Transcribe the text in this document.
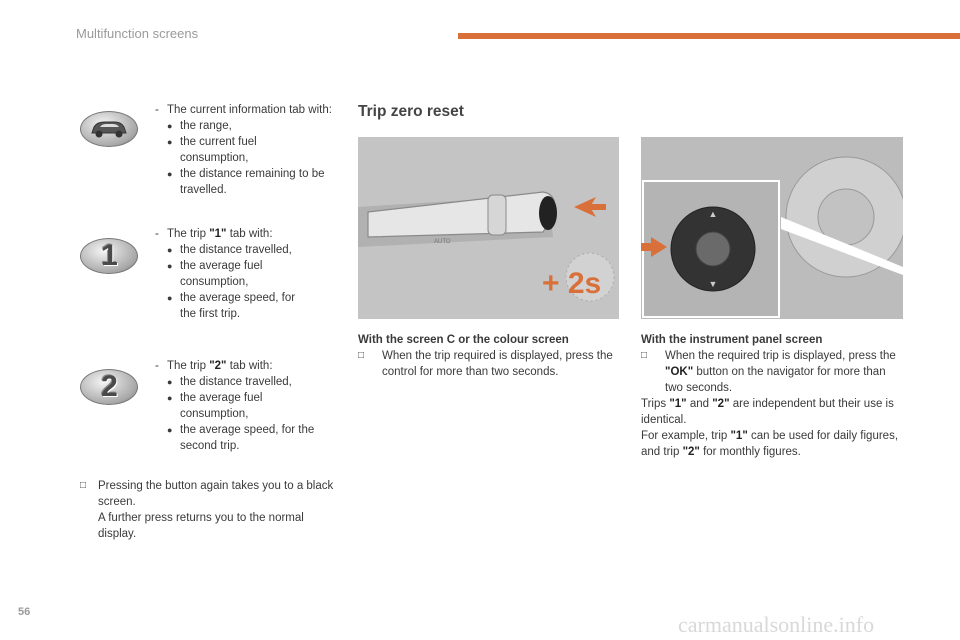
Multifunction screens
- The current information tab with:
● the range,
● the current fuel consumption,
● the distance remaining to be travelled.
1
- The trip "1" tab with:
● the distance travelled,
● the average fuel consumption,
● the average speed, for the first trip.
2
- The trip "2" tab with:
● the distance travelled,
● the average fuel consumption,
● the average speed, for the second trip.
□ Pressing the button again takes you to a black screen.
A further press returns you to the normal display.
Trip zero reset
AUTO
+ 2s
▲
▼
With the screen C or the colour screen
□ When the trip required is displayed, press the control for more than two seconds.
With the instrument panel screen
□ When the required trip is displayed, press the "OK" button on the navigator for more than two seconds.
Trips "1" and "2" are independent but their use is identical.
For example, trip "1" can be used for daily figures, and trip "2" for monthly figures.
56	carmanualsonline.info
